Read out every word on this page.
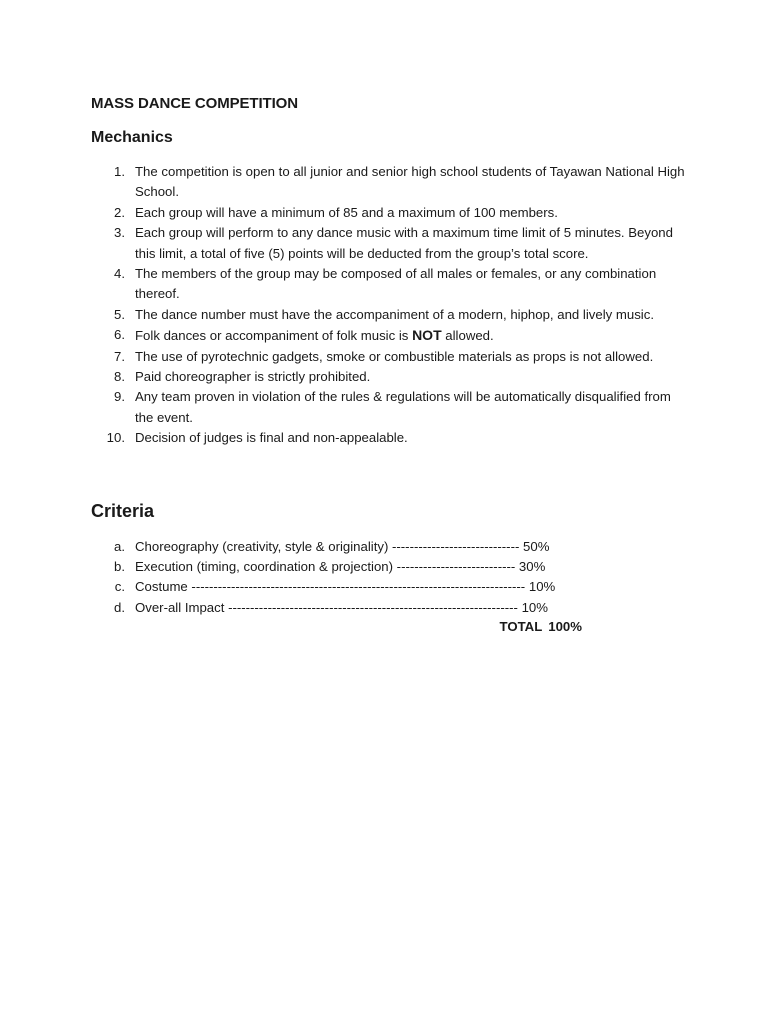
MASS DANCE COMPETITION
Mechanics
1. The competition is open to all junior and senior high school students of Tayawan National High School.
2. Each group will have a minimum of 85 and a maximum of 100 members.
3. Each group will perform to any dance music with a maximum time limit of 5 minutes. Beyond this limit, a total of five (5) points will be deducted from the group’s total score.
4. The members of the group may be composed of all males or females, or any combination thereof.
5. The dance number must have the accompaniment of a modern, hiphop, and lively music.
6. Folk dances or accompaniment of folk music is NOT allowed.
7. The use of pyrotechnic gadgets, smoke or combustible materials as props is not allowed.
8. Paid choreographer is strictly prohibited.
9. Any team proven in violation of the rules & regulations will be automatically disqualified from the event.
10. Decision of judges is final and non-appealable.
Criteria
a. Choreography (creativity, style & originality) ----------------------------- 50%
b. Execution (timing, coordination & projection) --------------------------- 30%
c. Costume ---------------------------------------------------------------------------- 10%
d. Over-all Impact ------------------------------------------------------------------ 10%
TOTAL 100%
